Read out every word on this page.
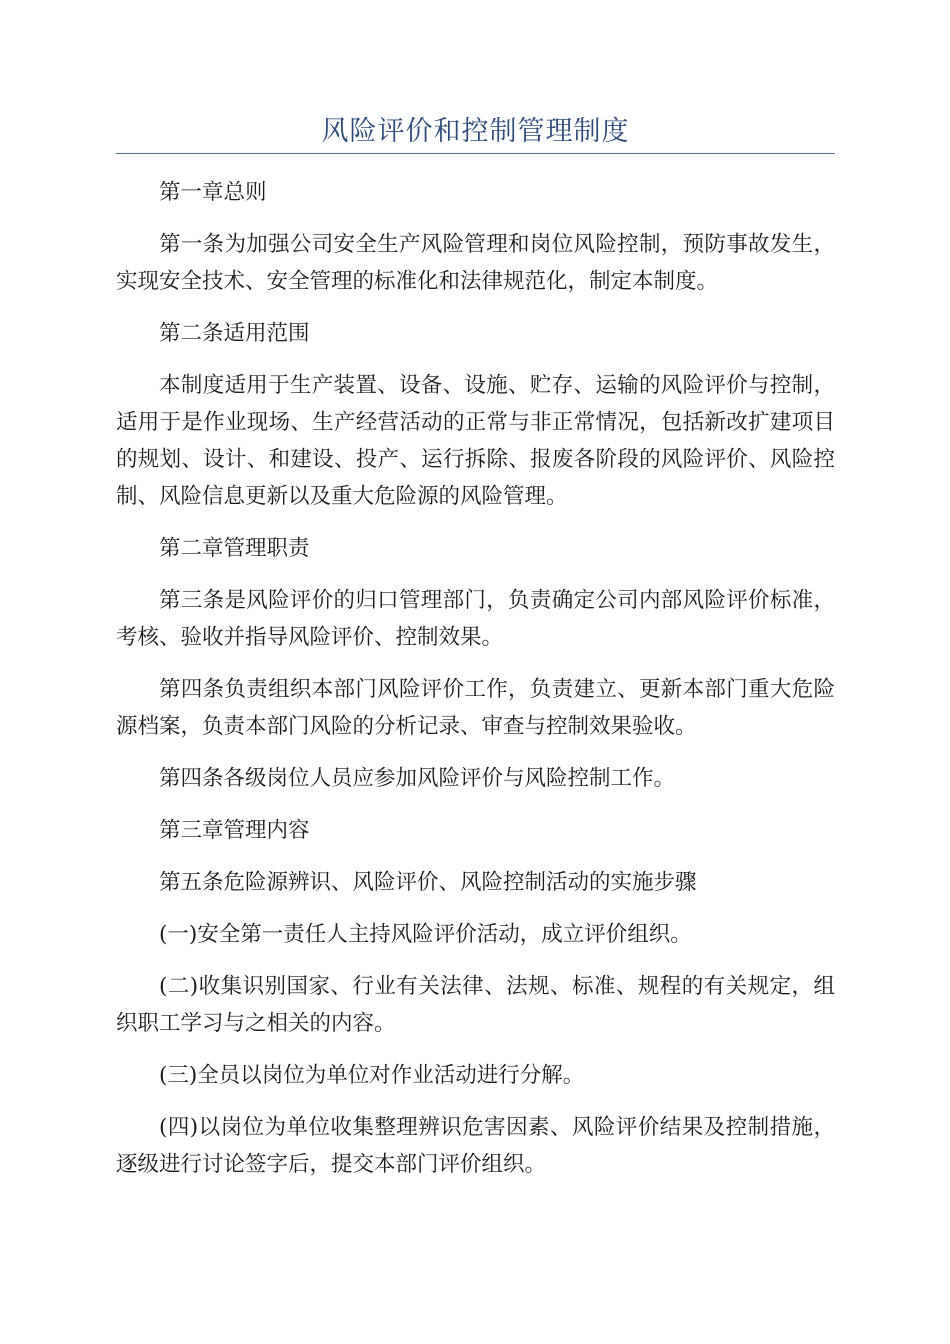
风险评价和控制管理制度

第一章总则

第一条为加强公司安全生产风险管理和岗位风险控制，预防事故发生，实现安全技术、安全管理的标准化和法律规范化，制定本制度。

第二条适用范围

本制度适用于生产装置、设备、设施、贮存、运输的风险评价与控制，适用于是作业现场、生产经营活动的正常与非正常情况，包括新改扩建项目的规划、设计、和建设、投产、运行拆除、报废各阶段的风险评价、风险控制、风险信息更新以及重大危险源的风险管理。

第二章管理职责

第三条是风险评价的归口管理部门，负责确定公司内部风险评价标准，考核、验收并指导风险评价、控制效果。

第四条负责组织本部门风险评价工作，负责建立、更新本部门重大危险源档案，负责本部门风险的分析记录、审查与控制效果验收。

第四条各级岗位人员应参加风险评价与风险控制工作。

第三章管理内容

第五条危险源辨识、风险评价、风险控制活动的实施步骤

(一)安全第一责任人主持风险评价活动，成立评价组织。

(二)收集识别国家、行业有关法律、法规、标准、规程的有关规定，组织职工学习与之相关的内容。

(三)全员以岗位为单位对作业活动进行分解。

(四)以岗位为单位收集整理辨识危害因素、风险评价结果及控制措施，逐级进行讨论签字后，提交本部门评价组织。
